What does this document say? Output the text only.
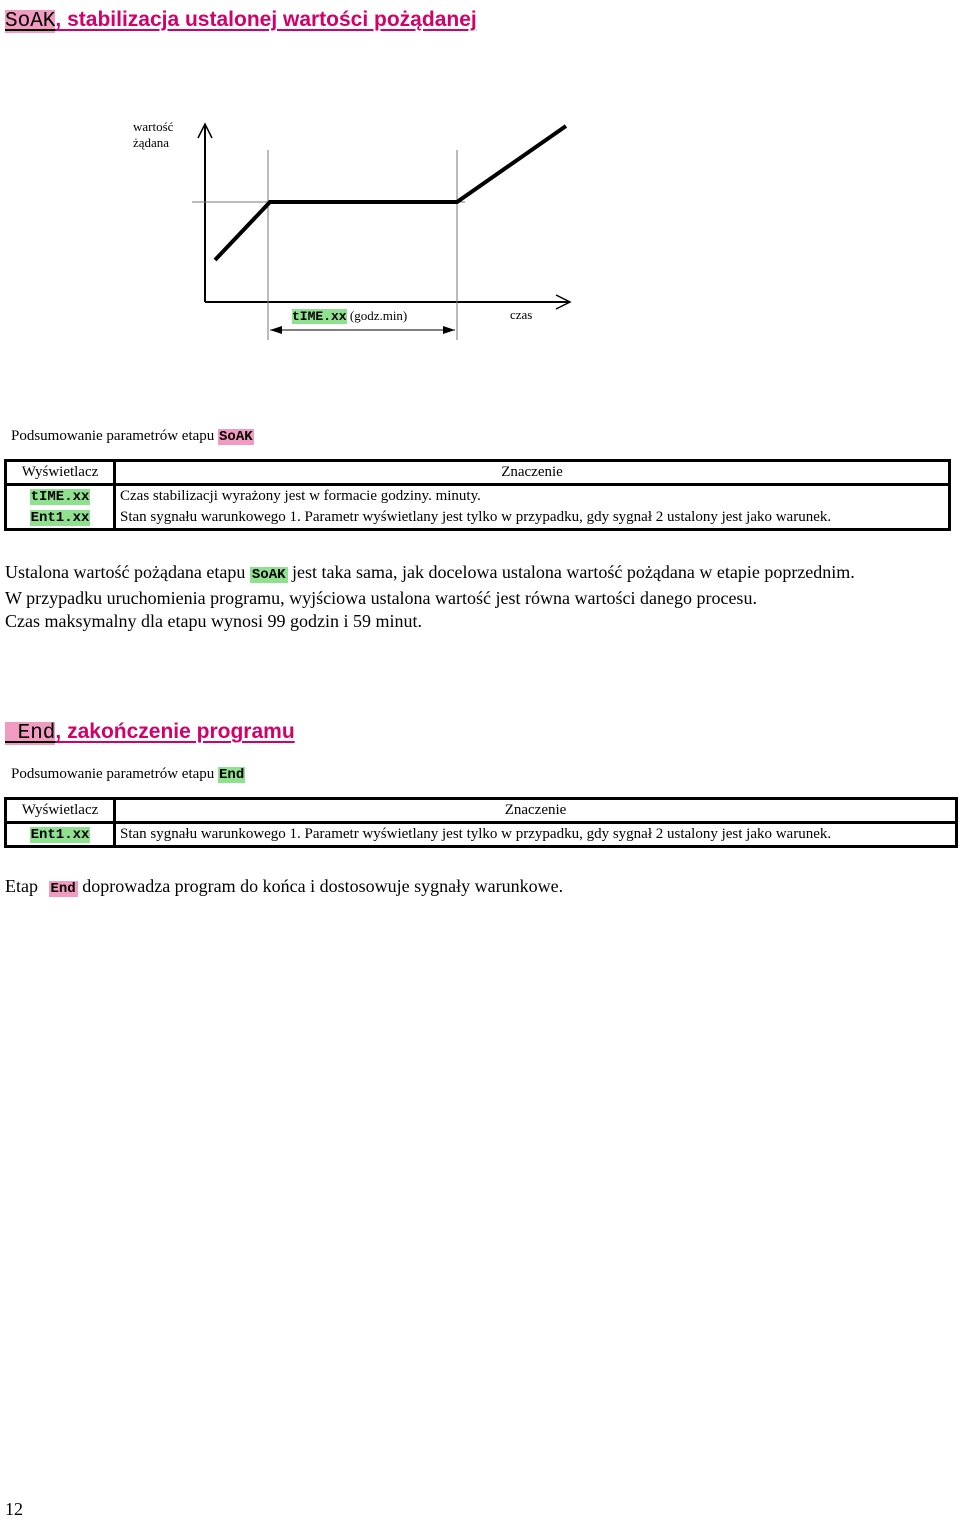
SoAK, stabilizacja ustalonej wartości pożądanej
wartość
żądana
czas
tIME.xx (godz.min)
Podsumowanie parametrów etapu SoAK
Wyświetlacz	Znaczenie
tIME.xx	Czas stabilizacji wyrażony jest w formacie godziny. minuty.
Ent1.xx	Stan sygnału warunkowego 1. Parametr wyświetlany jest tylko w przypadku, gdy sygnał 2 ustalony jest jako warunek.
Ustalona wartość pożądana etapu SoAK jest taka sama, jak docelowa ustalona wartość pożądana w etapie poprzednim.
W przypadku uruchomienia programu, wyjściowa ustalona wartość jest równa wartości danego procesu.
Czas maksymalny dla etapu wynosi 99 godzin i 59 minut.
End, zakończenie programu
Podsumowanie parametrów etapu End
Wyświetlacz	Znaczenie
Ent1.xx	Stan sygnału warunkowego 1. Parametr wyświetlany jest tylko w przypadku, gdy sygnał 2 ustalony jest jako warunek.
Etap End doprowadza program do końca i dostosowuje sygnały warunkowe.
12
